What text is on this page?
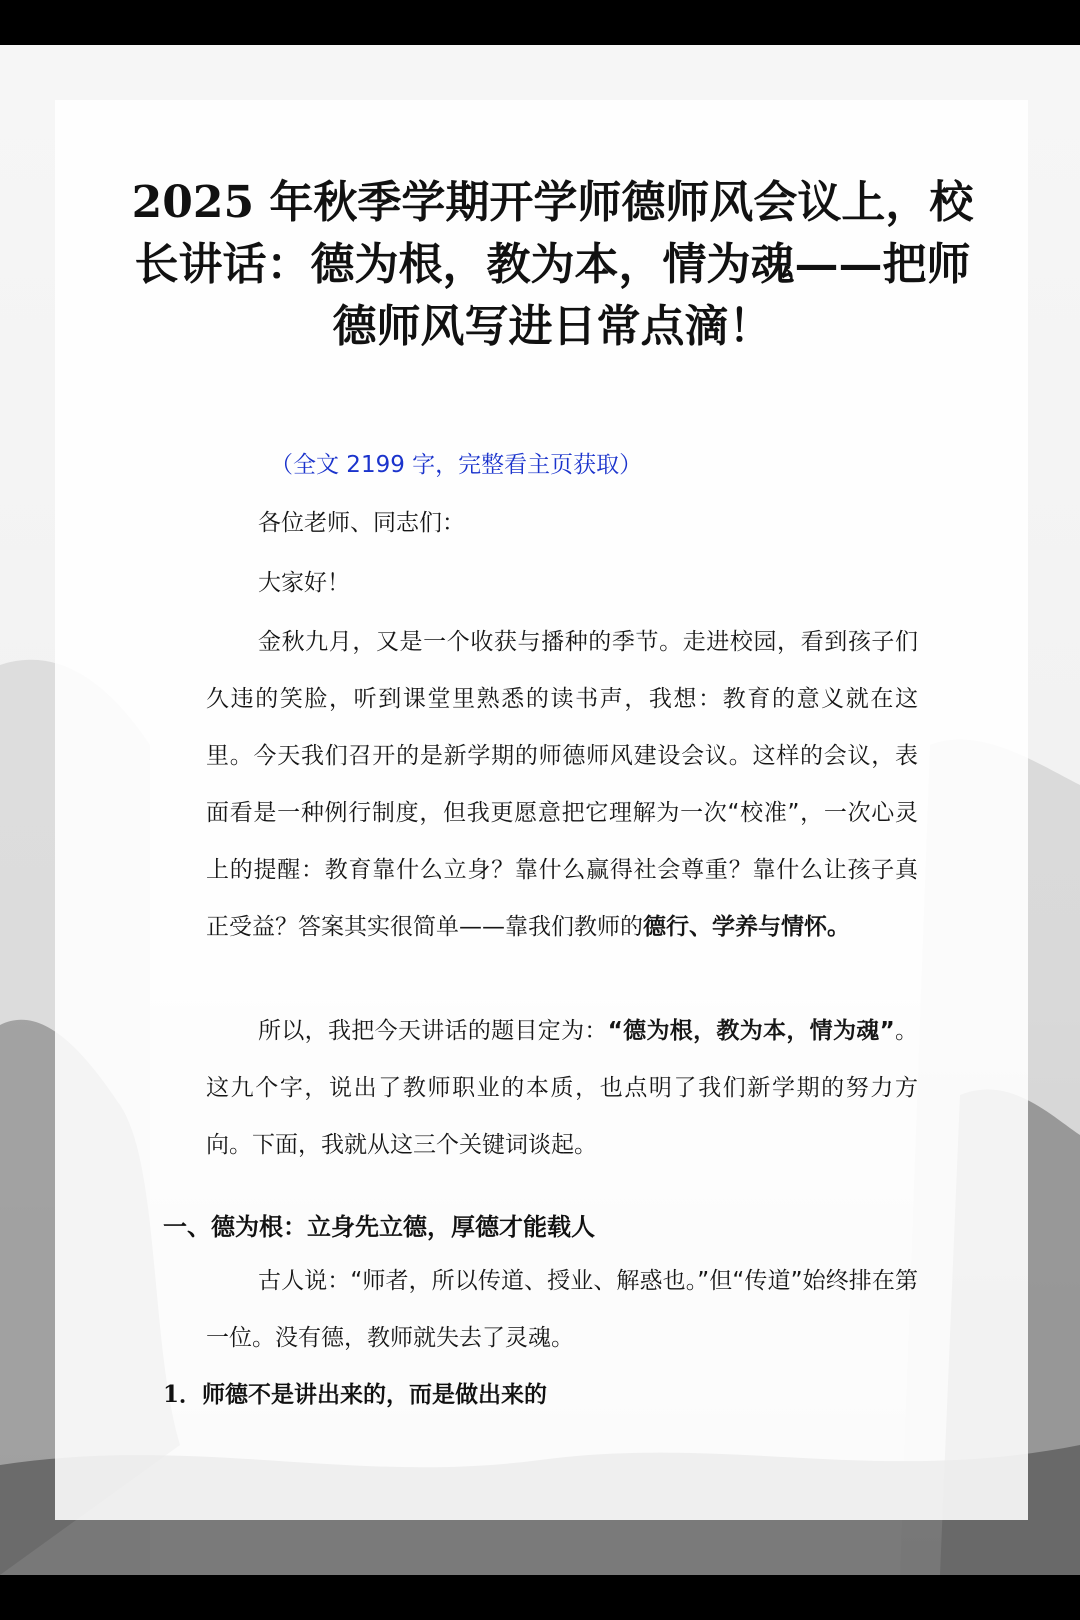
2025 年秋季学期开学师德师风会议上，校长讲话：德为根，教为本，情为魂——把师德师风写进日常点滴！
（全文 2199 字，完整看主页获取）
各位老师、同志们：
大家好！
金秋九月，又是一个收获与播种的季节。走进校园，看到孩子们久违的笑脸，听到课堂里熟悉的读书声，我想：教育的意义就在这里。今天我们召开的是新学期的师德师风建设会议。这样的会议，表面看是一种例行制度，但我更愿意把它理解为一次“校准”，一次心灵上的提醒：教育靠什么立身？靠什么赢得社会尊重？靠什么让孩子真正受益？答案其实很简单——靠我们教师的德行、学养与情怀。
所以，我把今天讲话的题目定为：“德为根，教为本，情为魂”。这九个字，说出了教师职业的本质，也点明了我们新学期的努力方向。下面，我就从这三个关键词谈起。
一、德为根：立身先立德，厚德才能载人
古人说：“师者，所以传道、授业、解惑也。”但“传道”始终排在第一位。没有德，教师就失去了灵魂。
1．师德不是讲出来的，而是做出来的
